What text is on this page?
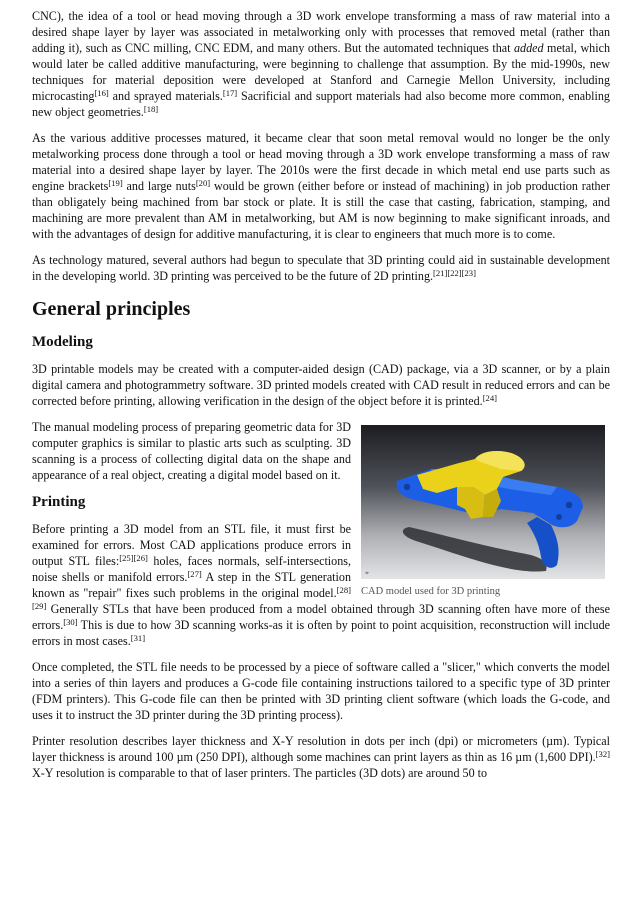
CNC), the idea of a tool or head moving through a 3D work envelope transforming a mass of raw material into a desired shape layer by layer was associated in metalworking only with processes that removed metal (rather than adding it), such as CNC milling, CNC EDM, and many others. But the automated techniques that added metal, which would later be called additive manufacturing, were beginning to challenge that assumption. By the mid-1990s, new techniques for material deposition were developed at Stanford and Carnegie Mellon University, including microcasting[16] and sprayed materials.[17] Sacrificial and support materials had also become more common, enabling new object geometries.[18]

As the various additive processes matured, it became clear that soon metal removal would no longer be the only metalworking process done through a tool or head moving through a 3D work envelope transforming a mass of raw material into a desired shape layer by layer. The 2010s were the first decade in which metal end use parts such as engine brackets[19] and large nuts[20] would be grown (either before or instead of machining) in job production rather than obligately being machined from bar stock or plate. It is still the case that casting, fabrication, stamping, and machining are more prevalent than AM in metalworking, but AM is now beginning to make significant inroads, and with the advantages of design for additive manufacturing, it is clear to engineers that much more is to come.

As technology matured, several authors had begun to speculate that 3D printing could aid in sustainable development in the developing world. 3D printing was perceived to be the future of 2D printing.[21][22][23]

General principles
Modeling

3D printable models may be created with a computer-aided design (CAD) package, via a 3D scanner, or by a plain digital camera and photogrammetry software. 3D printed models created with CAD result in reduced errors and can be corrected before printing, allowing verification in the design of the object before it is printed.[24]

⌖
CAD model used for 3D printing

The manual modeling process of preparing geometric data for 3D computer graphics is similar to plastic arts such as sculpting. 3D scanning is a process of collecting digital data on the shape and appearance of a real object, creating a digital model based on it.

Printing

Before printing a 3D model from an STL file, it must first be examined for errors. Most CAD applications produce errors in output STL files:[25][26] holes, faces normals, self-intersections, noise shells or manifold errors.[27] A step in the STL generation known as "repair" fixes such problems in the original model.[28][29] Generally STLs that have been produced from a model obtained through 3D scanning often have more of these errors.[30] This is due to how 3D scanning works-as it is often by point to point acquisition, reconstruction will include errors in most cases.[31]

Once completed, the STL file needs to be processed by a piece of software called a "slicer," which converts the model into a series of thin layers and produces a G-code file containing instructions tailored to a specific type of 3D printer (FDM printers). This G-code file can then be printed with 3D printing client software (which loads the G-code, and uses it to instruct the 3D printer during the 3D printing process).

Printer resolution describes layer thickness and X-Y resolution in dots per inch (dpi) or micrometers (µm). Typical layer thickness is around 100 µm (250 DPI), although some machines can print layers as thin as 16 µm (1,600 DPI).[32] X-Y resolution is comparable to that of laser printers. The particles (3D dots) are around 50 to
